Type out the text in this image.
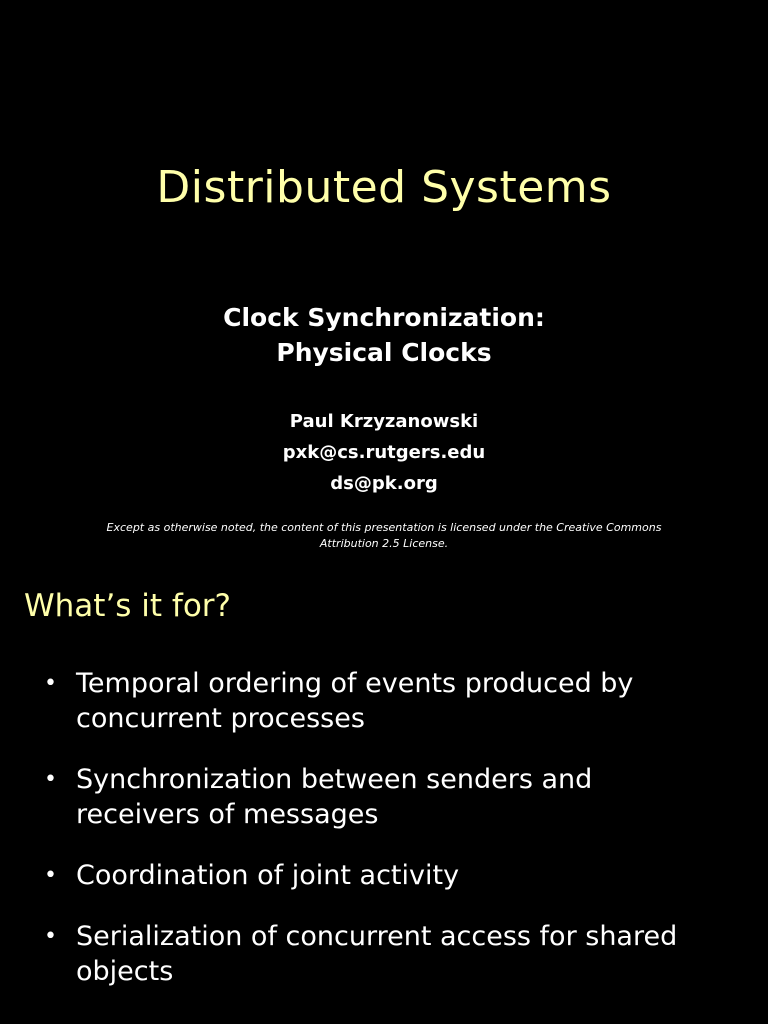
Distributed Systems
Clock Synchronization:
Physical Clocks
Paul Krzyzanowski
pxk@cs.rutgers.edu
ds@pk.org
Except as otherwise noted, the content of this presentation is licensed under the Creative Commons
Attribution 2.5 License.
What’s it for?
• Temporal ordering of events produced by
concurrent processes
• Synchronization between senders and
receivers of messages
• Coordination of joint activity
• Serialization of concurrent access for shared
objects
